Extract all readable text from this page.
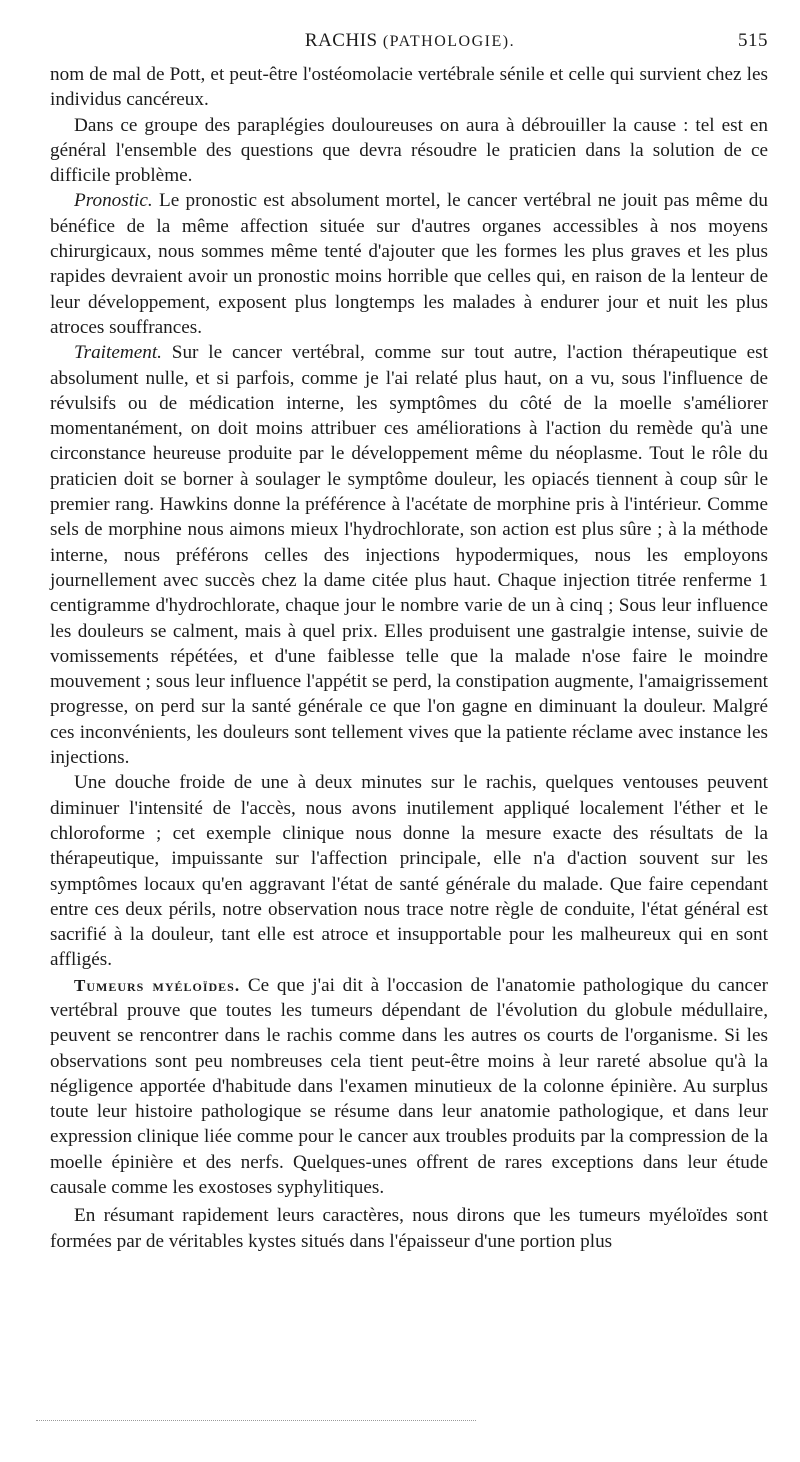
RACHIS (PATHOLOGIE).	515

nom de mal de Pott, et peut-être l'ostéomolacie vertébrale sénile et celle qui survient chez les individus cancéreux.

Dans ce groupe des paraplégies douloureuses on aura à débrouiller la cause : tel est en général l'ensemble des questions que devra résoudre le praticien dans la solution de ce difficile problème.

Pronostic. Le pronostic est absolument mortel, le cancer vertébral ne jouit pas même du bénéfice de la même affection située sur d'autres organes accessibles à nos moyens chirurgicaux, nous sommes même tenté d'ajouter que les formes les plus graves et les plus rapides devraient avoir un pronostic moins horrible que celles qui, en raison de la lenteur de leur développement, exposent plus longtemps les malades à endurer jour et nuit les plus atroces souffrances.

Traitement. Sur le cancer vertébral, comme sur tout autre, l'action thérapeutique est absolument nulle, et si parfois, comme je l'ai relaté plus haut, on a vu, sous l'influence de révulsifs ou de médication interne, les symptômes du côté de la moelle s'améliorer momentanément, on doit moins attribuer ces améliorations à l'action du remède qu'à une circonstance heureuse produite par le développement même du néoplasme. Tout le rôle du praticien doit se borner à soulager le symptôme douleur, les opiacés tiennent à coup sûr le premier rang. Hawkins donne la préférence à l'acétate de morphine pris à l'intérieur. Comme sels de morphine nous aimons mieux l'hydrochlorate, son action est plus sûre ; à la méthode interne, nous préférons celles des injections hypodermiques, nous les employons journellement avec succès chez la dame citée plus haut. Chaque injection titrée renferme 1 centigramme d'hydrochlorate, chaque jour le nombre varie de un à cinq ; Sous leur influence les douleurs se calment, mais à quel prix. Elles produisent une gastralgie intense, suivie de vomissements répétées, et d'une faiblesse telle que la malade n'ose faire le moindre mouvement ; sous leur influence l'appétit se perd, la constipation augmente, l'amaigrissement progresse, on perd sur la santé générale ce que l'on gagne en diminuant la douleur. Malgré ces inconvénients, les douleurs sont tellement vives que la patiente réclame avec instance les injections.

Une douche froide de une à deux minutes sur le rachis, quelques ventouses peuvent diminuer l'intensité de l'accès, nous avons inutilement appliqué localement l'éther et le chloroforme ; cet exemple clinique nous donne la mesure exacte des résultats de la thérapeutique, impuissante sur l'affection principale, elle n'a d'action souvent sur les symptômes locaux qu'en aggravant l'état de santé générale du malade. Que faire cependant entre ces deux périls, notre observation nous trace notre règle de conduite, l'état général est sacrifié à la douleur, tant elle est atroce et insupportable pour les malheureux qui en sont affligés.

Tumeurs myéloïdes. Ce que j'ai dit à l'occasion de l'anatomie pathologique du cancer vertébral prouve que toutes les tumeurs dépendant de l'évolution du globule médullaire, peuvent se rencontrer dans le rachis comme dans les autres os courts de l'organisme. Si les observations sont peu nombreuses cela tient peut-être moins à leur rareté absolue qu'à la négligence apportée d'habitude dans l'examen minutieux de la colonne épinière. Au surplus toute leur histoire pathologique se résume dans leur anatomie pathologique, et dans leur expression clinique liée comme pour le cancer aux troubles produits par la compression de la moelle épinière et des nerfs. Quelques-unes offrent de rares exceptions dans leur étude causale comme les exostoses syphylitiques.

En résumant rapidement leurs caractères, nous dirons que les tumeurs myéloïdes sont formées par de véritables kystes situés dans l'épaisseur d'une portion plus
